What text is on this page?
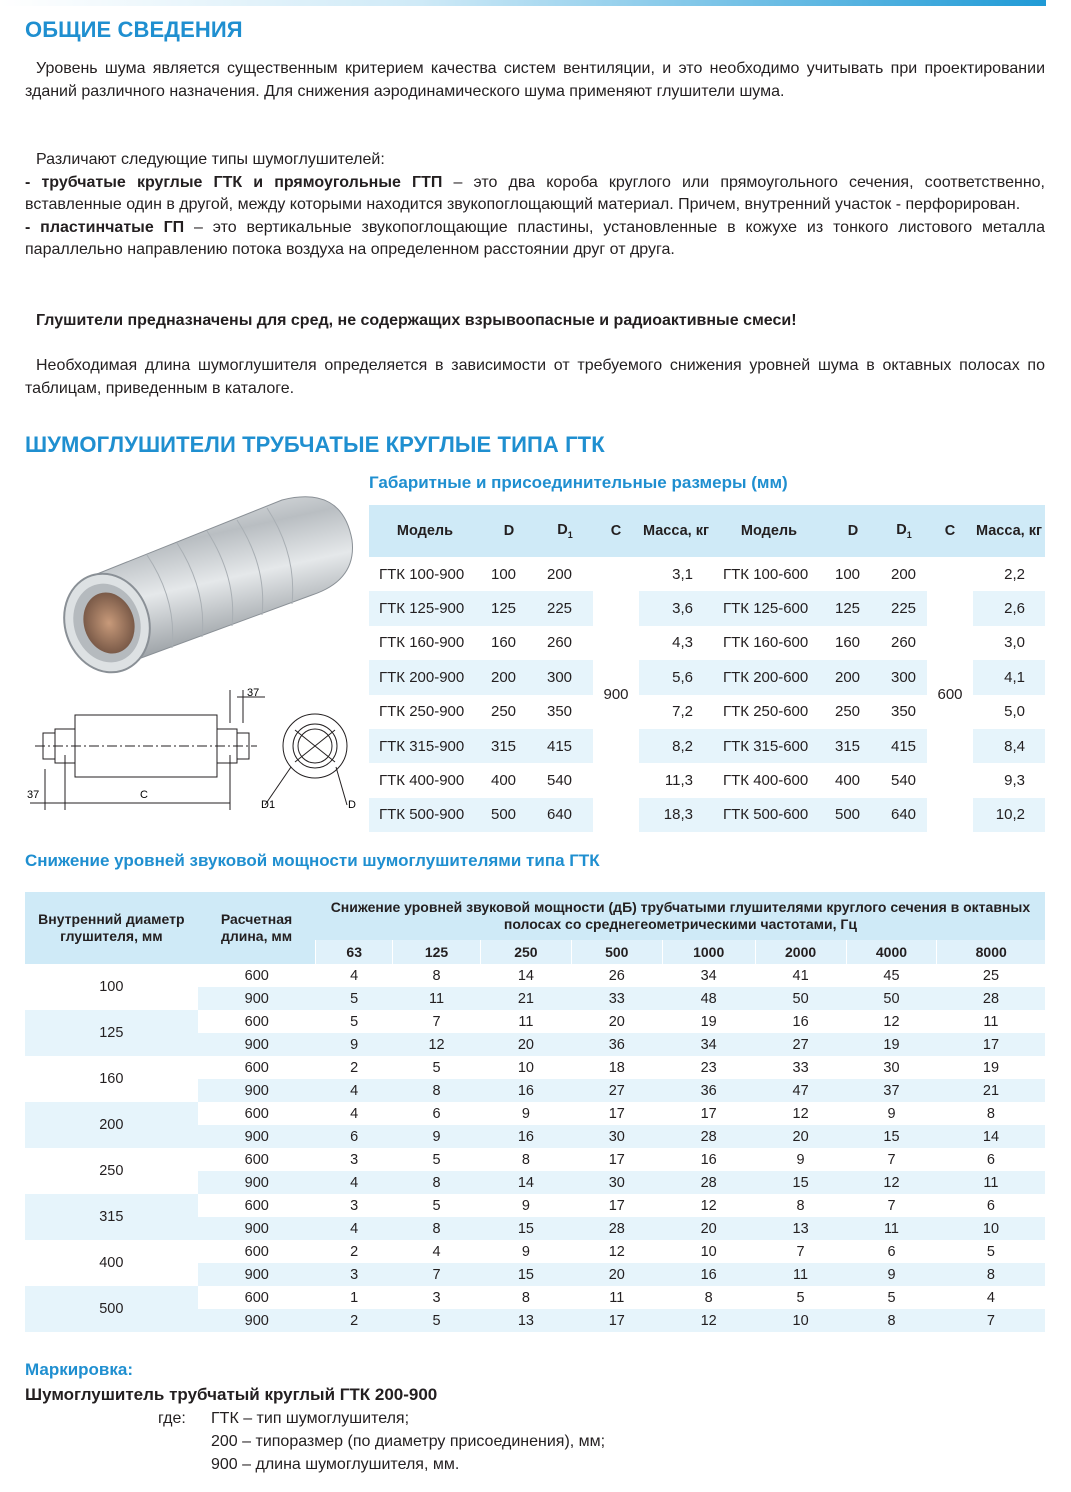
ОБЩИЕ СВЕДЕНИЯ

Уровень шума является существенным критерием качества систем вентиляции, и это необходимо учитывать при проектировании зданий различного назначения. Для снижения аэродинамического шума применяют глушители шума.

Различают следующие типы шумоглушителей:
- трубчатые круглые ГТК и прямоугольные ГТП – это два короба круглого или прямоугольного сечения, соответственно, вставленные один в другой, между которыми находится звукопоглощающий материал. Причем, внутренний участок - перфорирован.
- пластинчатые ГП – это вертикальные звукопоглощающие пластины, установленные в кожухе из тонкого листового металла параллельно направлению потока воздуха на определенном расстоянии друг от друга.

Глушители предназначены для сред, не содержащих взрывоопасные и радиоактивные смеси!

Необходимая длина шумоглушителя определяется в зависимости от требуемого снижения уровней шума в октавных полосах по таблицам, приведенным в каталоге.

ШУМОГЛУШИТЕЛИ ТРУБЧАТЫЕ КРУГЛЫЕ ТИПА ГТК
Габаритные и присоединительные размеры (мм)
37
37	C
D1	D
Модель	D	$D_1$	C	Масса, кг	Модель	D	$D_1$	C	Масса, кг
ГТК 100-900	100	200	900	3,1	ГТК 100-600	100	200	600	2,2
ГТК 125-900	125	225		3,6	ГТК 125-600	125	225		2,6
ГТК 160-900	160	260		4,3	ГТК 160-600	160	260		3,0
ГТК 200-900	200	300		5,6	ГТК 200-600	200	300		4,1
ГТК 250-900	250	350		7,2	ГТК 250-600	250	350		5,0
ГТК 315-900	315	415		8,2	ГТК 315-600	315	415		8,4
ГТК 400-900	400	540		11,3	ГТК 400-600	400	540		9,3
ГТК 500-900	500	640		18,3	ГТК 500-600	500	640		10,2
Снижение уровней звуковой мощности шумоглушителями типа ГТК
Внутренний диаметр глушителя, мм	Расчетная длина, мм	Снижение уровней звуковой мощности (дБ) трубчатыми глушителями круглого сечения в октавных полосах со среднегеометрическими частотами, Гц							
		63	125	250	500	1000	2000	4000	8000
100	600	4	8	14	26	34	41	45	25
	900	5	11	21	33	48	50	50	28
125	600	5	7	11	20	19	16	12	11
	900	9	12	20	36	34	27	19	17
160	600	2	5	10	18	23	33	30	19
	900	4	8	16	27	36	47	37	21
200	600	4	6	9	17	17	12	9	8
	900	6	9	16	30	28	20	15	14
250	600	3	5	8	17	16	9	7	6
	900	4	8	14	30	28	15	12	11
315	600	3	5	9	17	12	8	7	6
	900	4	8	15	28	20	13	11	10
400	600	2	4	9	12	10	7	6	5
	900	3	7	15	20	16	11	9	8
500	600	1	3	8	11	8	5	5	4
	900	2	5	13	17	12	10	8	7
Маркировка:
Шумоглушитель трубчатый круглый ГТК 200-900
где: ГТК – тип шумоглушителя;
200 – типоразмер (по диаметру присоединения), мм;
900 – длина шумоглушителя, мм.
